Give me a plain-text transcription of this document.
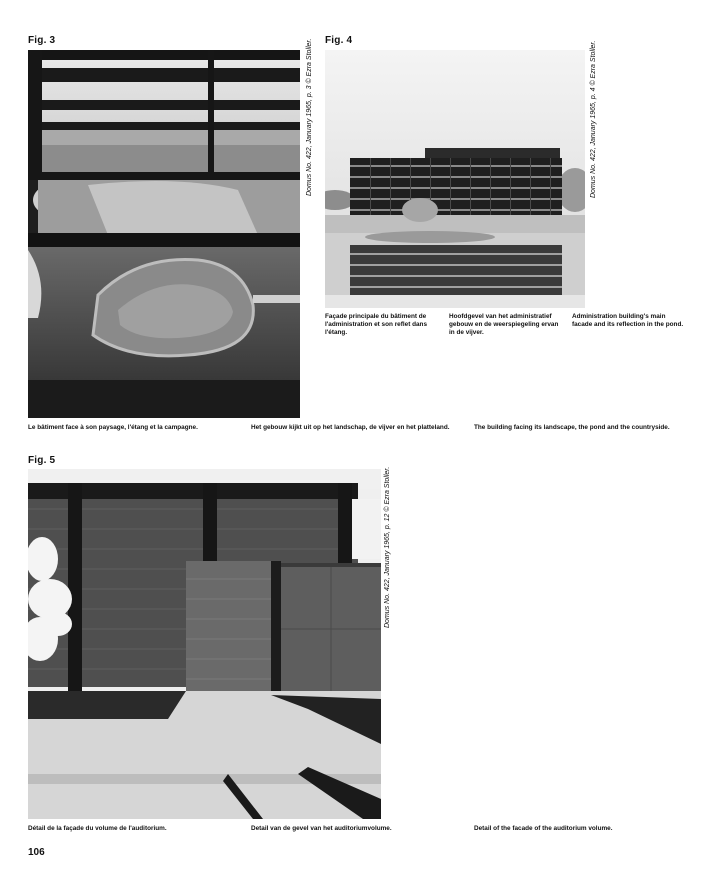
Fig. 3	Domus No. 422, January 1965, p. 3 © Ezra Stoller. Fig. 4
Domus No. 422, January 1965, p. 4 © Ezra Stoller.
Façade principale du bâtiment de l'administration et son reflet dans l'étang.
Hoofdgevel van het administratief gebouw en de weerspiegeling ervan in de vijver.
Administration building's main facade and its reflection in the pond.
Le bâtiment face à son paysage, l'étang et la campagne.	Het gebouw kijkt uit op het landschap, de vijver en het platteland.	The building facing its landscape, the pond and the countryside.
Fig. 5
Domus No. 422, January 1965, p. 12 © Ezra Stoller.
Détail de la façade du volume de l'auditorium.	Detail van de gevel van het auditoriumvolume.	Detail of the facade of the auditorium volume.
106
